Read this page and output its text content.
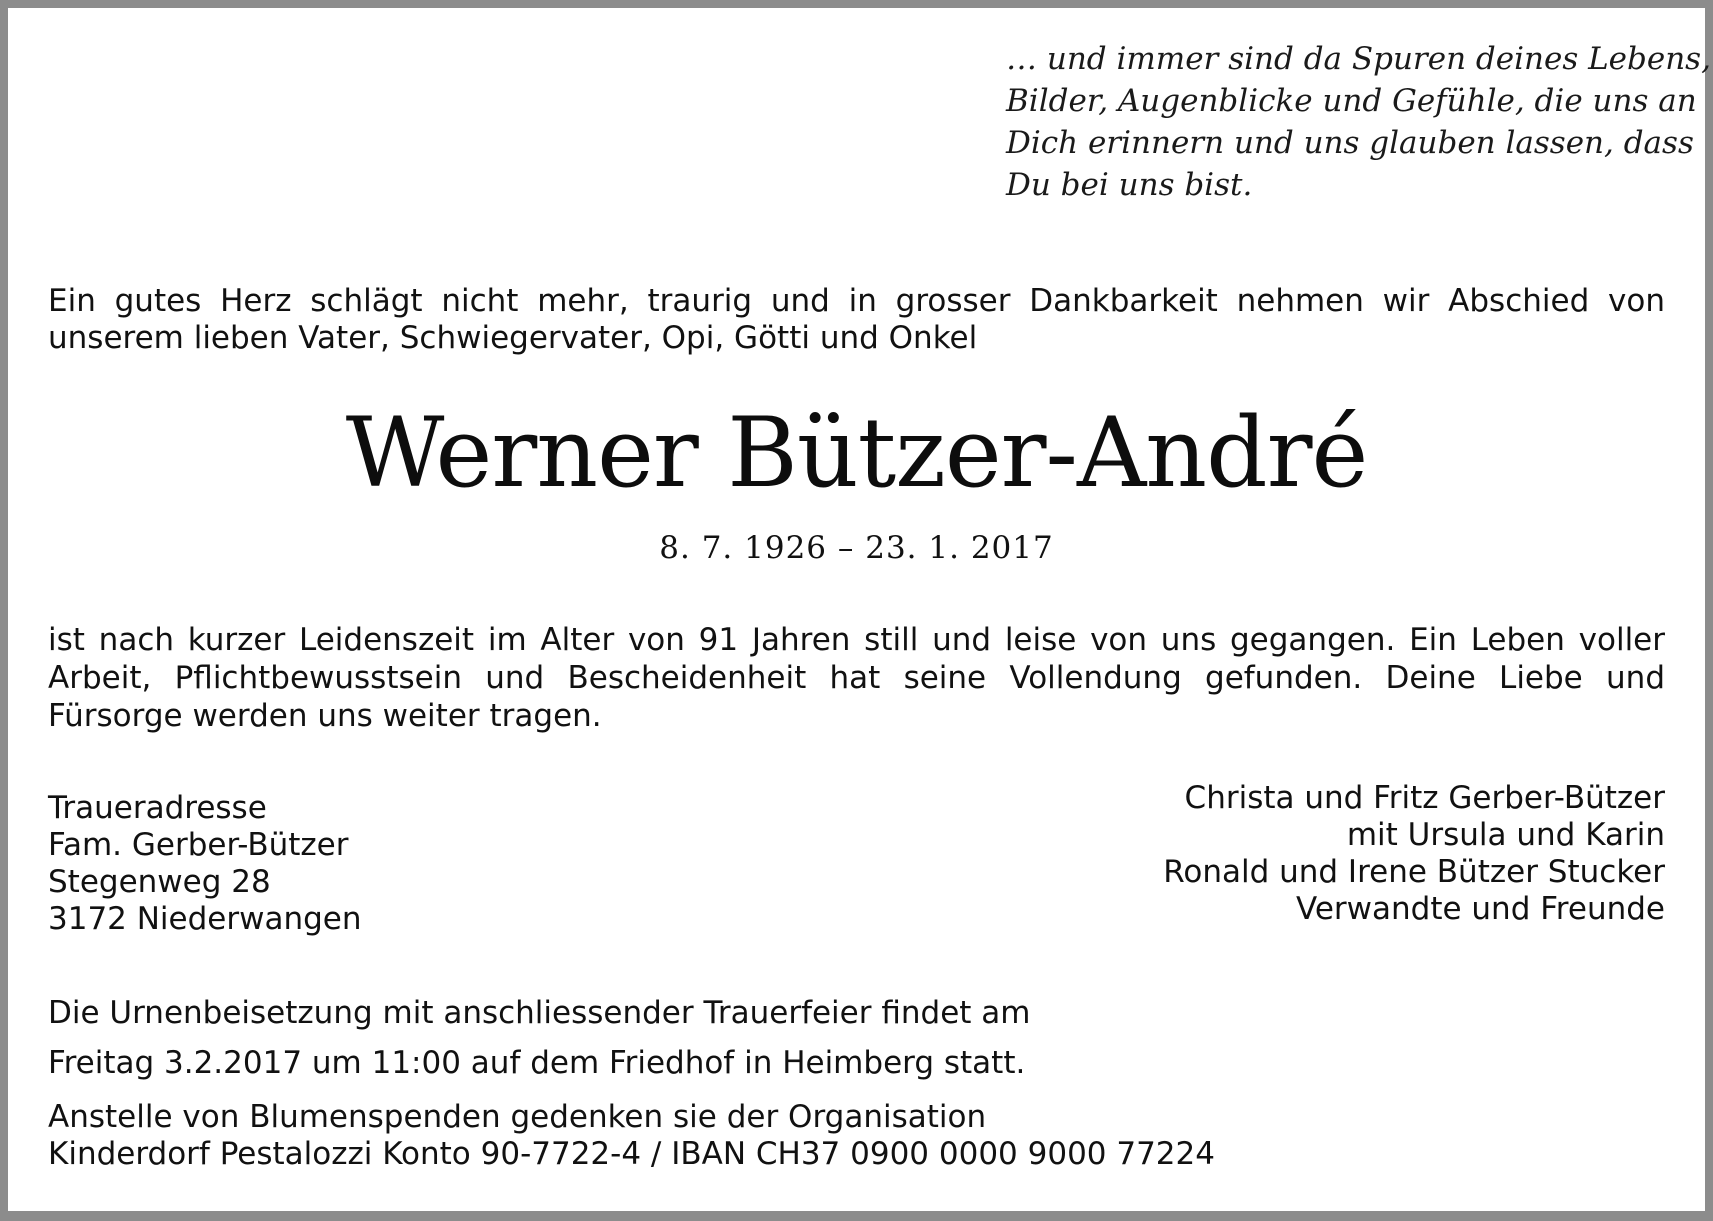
… und immer sind da Spuren deines Lebens,
Bilder, Augenblicke und Gefühle, die uns an
Dich erinnern und uns glauben lassen, dass
Du bei uns bist.
Ein gutes Herz schlägt nicht mehr, traurig und in grosser Dankbarkeit nehmen wir Abschied von
unserem lieben Vater, Schwiegervater, Opi, Götti und Onkel
Werner Bützer-André
8. 7. 1926 – 23. 1. 2017
ist nach kurzer Leidenszeit im Alter von 91 Jahren still und leise von uns gegangen. Ein Leben voller
Arbeit, Pflichtbewusstsein und Bescheidenheit hat seine Vollendung gefunden. Deine Liebe und
Fürsorge werden uns weiter tragen.
Traueradresse
Fam. Gerber-Bützer
Stegenweg 28
3172 Niederwangen
Christa und Fritz Gerber-Bützer
mit Ursula und Karin
Ronald und Irene Bützer Stucker
Verwandte und Freunde
Die Urnenbeisetzung mit anschliessender Trauerfeier findet am
Freitag 3.2.2017 um 11:00 auf dem Friedhof in Heimberg statt.
Anstelle von Blumenspenden gedenken sie der Organisation
Kinderdorf Pestalozzi Konto 90-7722-4 / IBAN CH37 0900 0000 9000 77224
